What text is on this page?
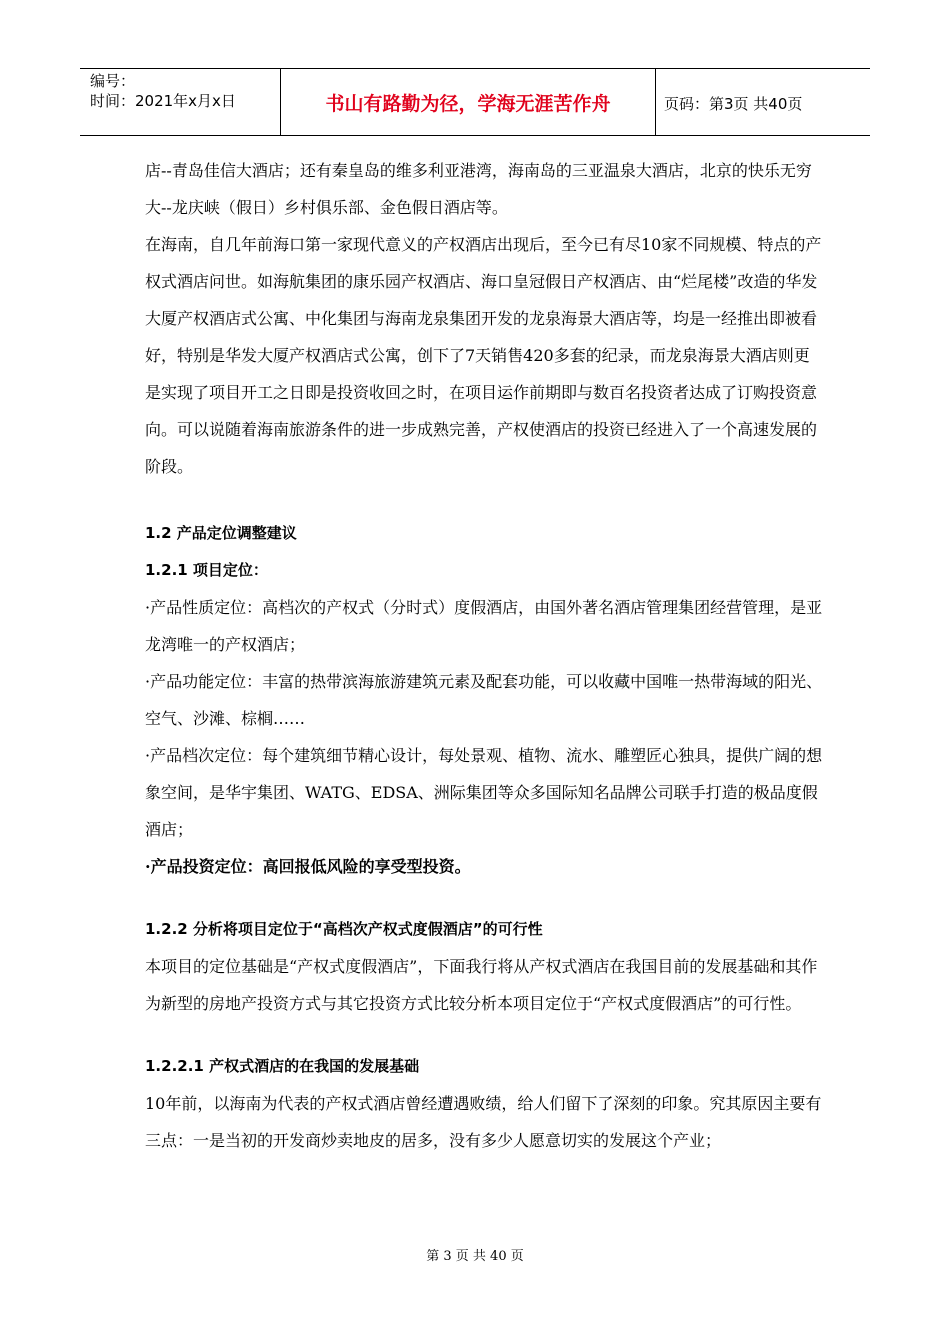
编号：
时间：2021年x月x日	书山有路勤为径，学海无涯苦作舟	页码：第3页 共40页

店--青岛佳信大酒店；还有秦皇岛的维多利亚港湾，海南岛的三亚温泉大酒店，北京的快乐无穷大--龙庆峡（假日）乡村俱乐部、金色假日酒店等。

在海南，自几年前海口第一家现代意义的产权酒店出现后，至今已有尽10家不同规模、特点的产权式酒店问世。如海航集团的康乐园产权酒店、海口皇冠假日产权酒店、由“烂尾楼”改造的华发大厦产权酒店式公寓、中化集团与海南龙泉集团开发的龙泉海景大酒店等，均是一经推出即被看好，特别是华发大厦产权酒店式公寓，创下了7天销售420多套的纪录，而龙泉海景大酒店则更是实现了项目开工之日即是投资收回之时，在项目运作前期即与数百名投资者达成了订购投资意向。可以说随着海南旅游条件的进一步成熟完善，产权使酒店的投资已经进入了一个高速发展的阶段。

1.2 产品定位调整建议

1.2.1 项目定位：

·产品性质定位：高档次的产权式（分时式）度假酒店，由国外著名酒店管理集团经营管理，是亚龙湾唯一的产权酒店；

·产品功能定位：丰富的热带滨海旅游建筑元素及配套功能，可以收藏中国唯一热带海域的阳光、空气、沙滩、棕榈……

·产品档次定位：每个建筑细节精心设计，每处景观、植物、流水、雕塑匠心独具，提供广阔的想象空间，是华宇集团、WATG、EDSA、洲际集团等众多国际知名品牌公司联手打造的极品度假酒店；

·产品投资定位：高回报低风险的享受型投资。

1.2.2 分析将项目定位于“高档次产权式度假酒店”的可行性

本项目的定位基础是“产权式度假酒店”，下面我行将从产权式酒店在我国目前的发展基础和其作为新型的房地产投资方式与其它投资方式比较分析本项目定位于“产权式度假酒店”的可行性。

1.2.2.1 产权式酒店的在我国的发展基础

10年前，以海南为代表的产权式酒店曾经遭遇败绩，给人们留下了深刻的印象。究其原因主要有三点：一是当初的开发商炒卖地皮的居多，没有多少人愿意切实的发展这个产业；

第 3 页 共 40 页
